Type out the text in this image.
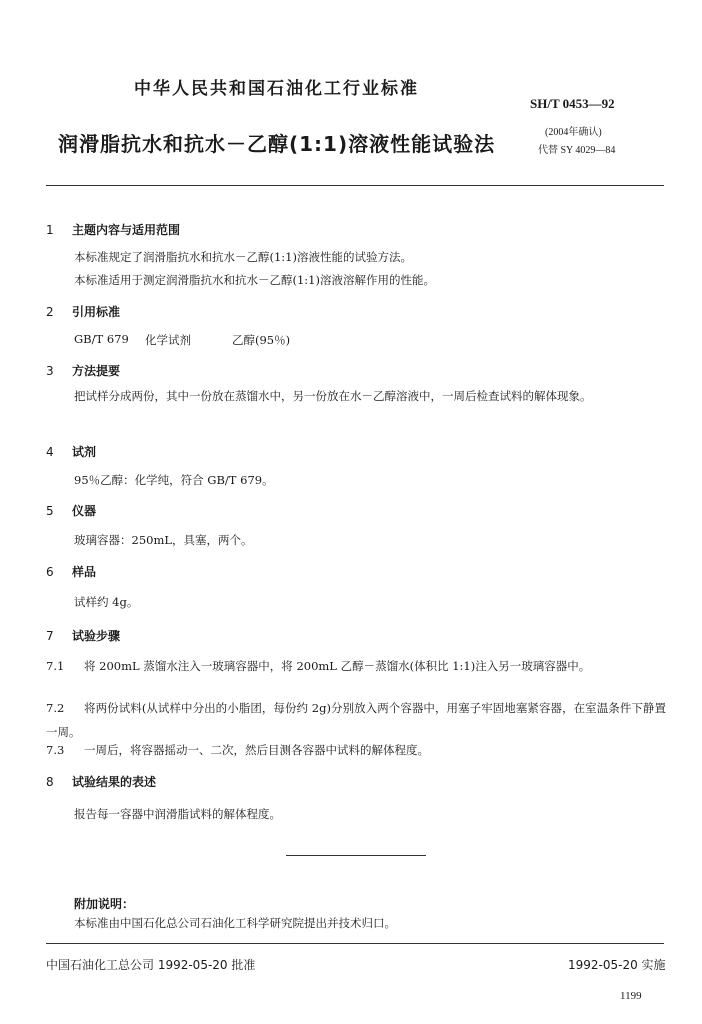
中华人民共和国石油化工行业标准
SH/T 0453—92
(2004年确认)
润滑脂抗水和抗水－乙醇(1:1)溶液性能试验法	代替 SY 4029—84
1 主题内容与适用范围
本标准规定了润滑脂抗水和抗水－乙醇(1:1)溶液性能的试验方法。
本标准适用于测定润滑脂抗水和抗水－乙醇(1:1)溶液溶解作用的性能。
2 引用标准
GB/T 679 化学试剂	乙醇(95％)
3 方法提要
把试样分成两份，其中一份放在蒸馏水中，另一份放在水－乙醇溶液中，一周后检查试料的解体现象。
4 试剂
95％乙醇：化学纯，符合 GB/T 679。
5 仪器
玻璃容器：250mL，具塞，两个。
6 样品
试样约 4g。
7 试验步骤
7.1 将 200mL 蒸馏水注入一玻璃容器中，将 200mL 乙醇－蒸馏水(体积比 1:1)注入另一玻璃容器中。
7.2 将两份试料(从试样中分出的小脂团，每份约 2g)分别放入两个容器中，用塞子牢固地塞紧容器，在室温条件下静置一周。
7.3 一周后，将容器摇动一、二次，然后目测各容器中试料的解体程度。
8 试验结果的表述
报告每一容器中润滑脂试料的解体程度。
附加说明：
本标准由中国石化总公司石油化工科学研究院提出并技术归口。
中国石油化工总公司 1992-05-20 批准	1992-05-20 实施
1199
